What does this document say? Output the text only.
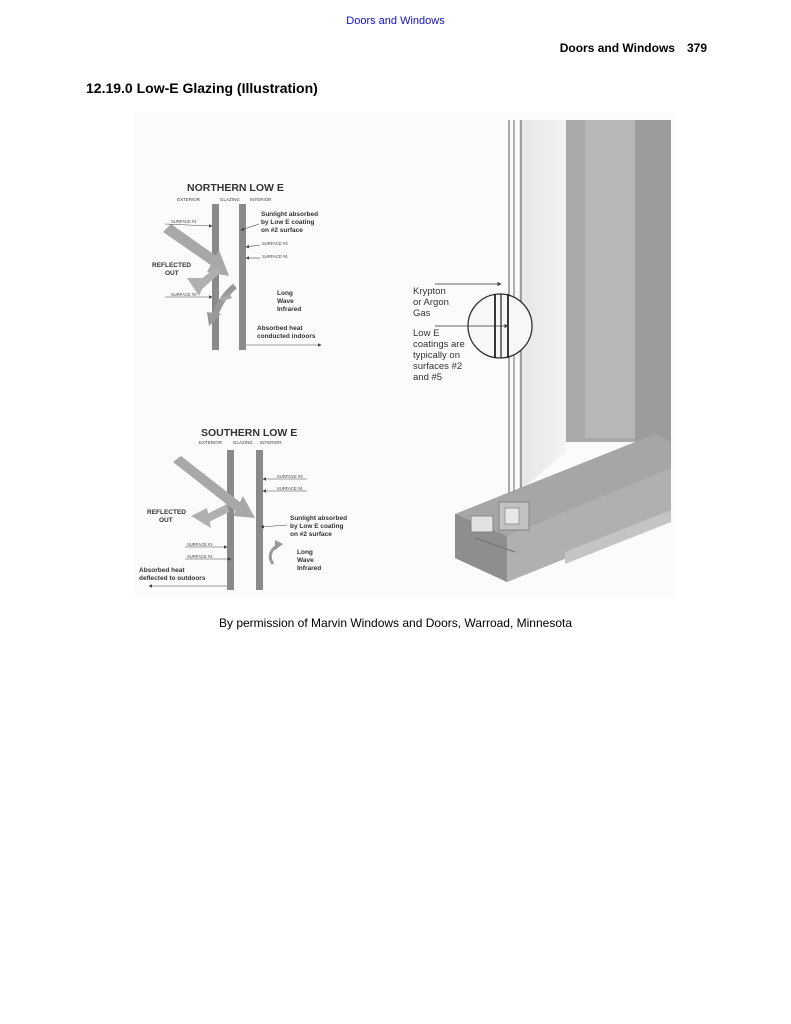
Doors and Windows
Doors and Windows 379
12.19.0 Low-E Glazing (Illustration)
NORTHERN LOW E
EXTERIOR	GLAZING INTERIOR
SURFACE #1
Sunlight absorbed
by Low E coating
on #2 surface
SURFACE #3
SURFACE #4
REFLECTED
OUT
SURFACE #2	Long
Wave
Infrared
Absorbed heat
conducted indoors
SOUTHERN LOW E
EXTERIOR GLAZING INTERIOR
SURFACE #3
SURFACE #4
REFLECTED
OUT	Sunlight absorbed
by Low E coating
on #2 surface
SURFACE #1
SURFACE #2
Long
Wave
Infrared
Absorbed heat
deflected to outdoors
Krypton
or Argon
Gas
Low E
coatings are
typically on
surfaces #2
and #5
By permission of Marvin Windows and Doors, Warroad, Minnesota
